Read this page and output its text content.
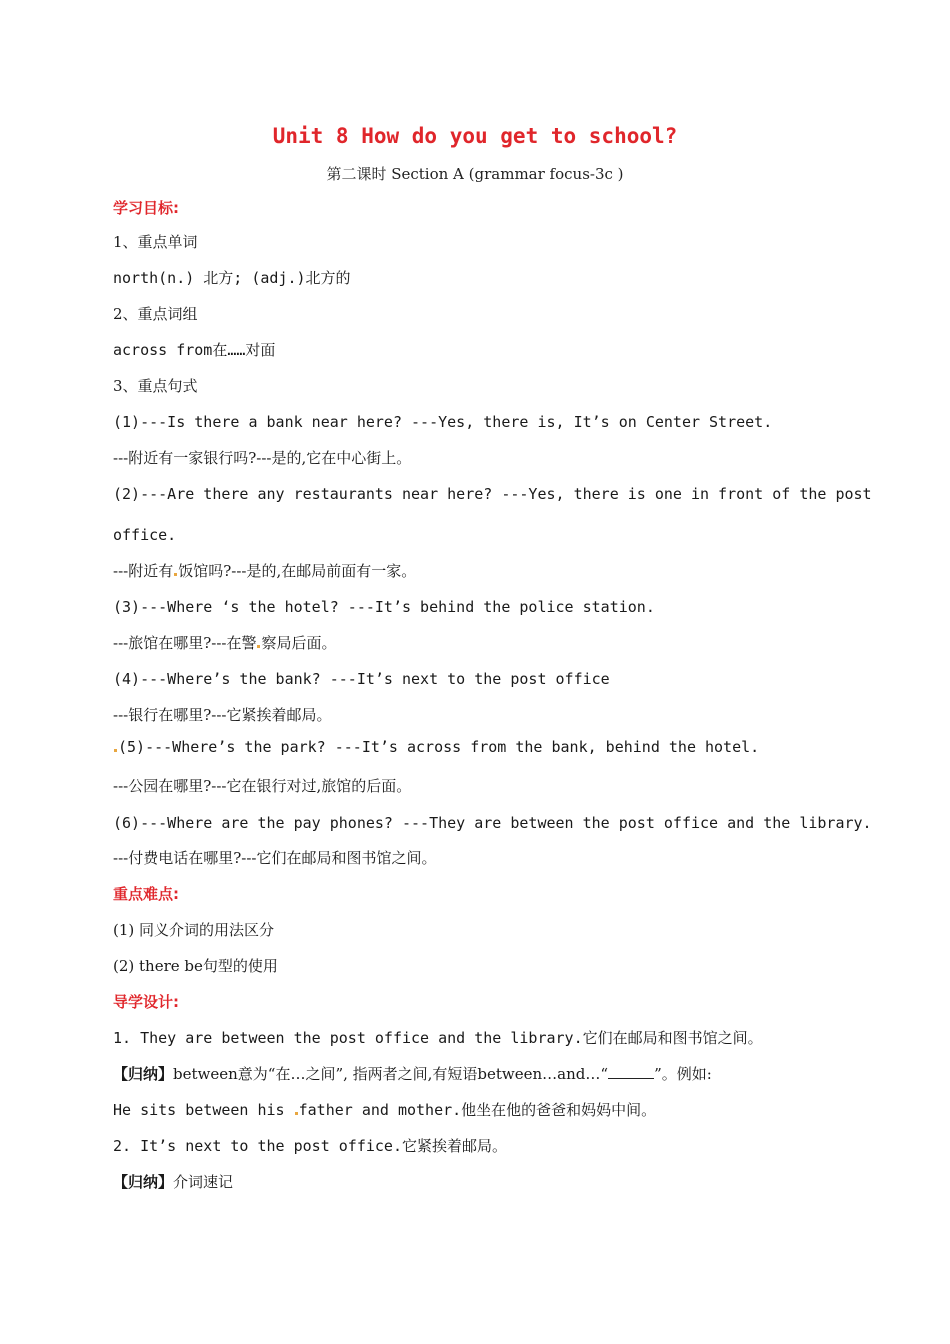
Unit 8 How do you get to school?
第二课时 Section A (grammar focus-3c )
学习目标:
1、重点单词
north(n.) 北方; (adj.)北方的
2、重点词组
across from在……对面
3、重点句式
(1)---Is there a bank near here? ---Yes, there is, It’s on Center Street.
---附近有一家银行吗?---是的,它在中心街上。
(2)---Are there any restaurants near here? ---Yes, there is one in front of the post
office.
---附近有 饭馆吗?---是的,在邮局前面有一家。
(3)---Where ‘s the hotel? ---It’s behind the police station.
---旅馆在哪里?---在警 察局后面。
(4)---Where’s the bank? ---It’s next to the post office
---银行在哪里?---它紧挨着邮局。
(5)---Where’s the park? ---It’s across from the bank, behind the hotel.
---公园在哪里?---它在银行对过,旅馆的后面。
(6)---Where are the pay phones? ---They are between the post office and the library.
---付费电话在哪里?---它们在邮局和图书馆之间。
重点难点:
(1) 同义介词的用法区分
(2) there be句型的使用
导学设计:
1. They are between the post office and the library.它们在邮局和图书馆之间。
【归纳】between意为“在…之间”, 指两者之间,有短语between…and…“	”。例如:
He sits between his father and mother.他坐在他的爸爸和妈妈中间。
2. It’s next to the post office.它紧挨着邮局。
【归纳】介词速记
